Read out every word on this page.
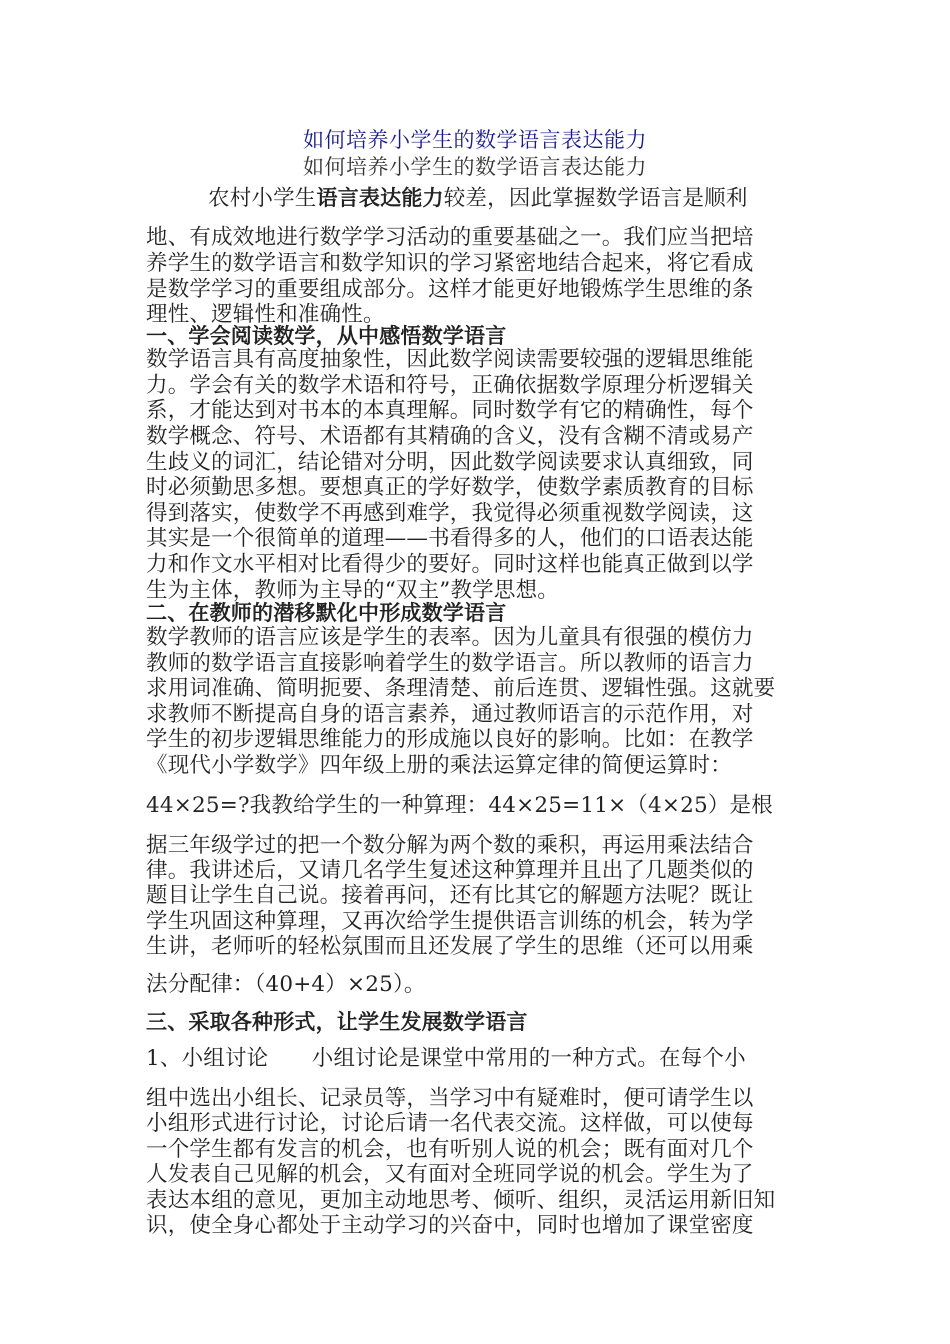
如何培养小学生的数学语言表达能力
如何培养小学生的数学语言表达能力
农村小学生语言表达能力较差，因此掌握数学语言是顺利
地、有成效地进行数学学习活动的重要基础之一。我们应当把培
养学生的数学语言和数学知识的学习紧密地结合起来，将它看成
是数学学习的重要组成部分。这样才能更好地锻炼学生思维的条
理性、逻辑性和准确性。
一、学会阅读数学，从中感悟数学语言
数学语言具有高度抽象性，因此数学阅读需要较强的逻辑思维能
力。学会有关的数学术语和符号，正确依据数学原理分析逻辑关
系，才能达到对书本的本真理解。同时数学有它的精确性，每个
数学概念、符号、术语都有其精确的含义，没有含糊不清或易产
生歧义的词汇，结论错对分明，因此数学阅读要求认真细致，同
时必须勤思多想。要想真正的学好数学，使数学素质教育的目标
得到落实，使数学不再感到难学，我觉得必须重视数学阅读，这
其实是一个很简单的道理——书看得多的人，他们的口语表达能
力和作文水平相对比看得少的要好。同时这样也能真正做到以学
生为主体，教师为主导的“双主”教学思想。
二、在教师的潜移默化中形成数学语言
数学教师的语言应该是学生的表率。因为儿童具有很强的模仿力
教师的数学语言直接影响着学生的数学语言。所以教师的语言力
求用词准确、简明扼要、条理清楚、前后连贯、逻辑性强。这就要
求教师不断提高自身的语言素养，通过教师语言的示范作用，对
学生的初步逻辑思维能力的形成施以良好的影响。比如：在教学
《现代小学数学》四年级上册的乘法运算定律的简便运算时：
44×25=?我教给学生的一种算理：44×25=11×（4×25）是根
据三年级学过的把一个数分解为两个数的乘积，再运用乘法结合
律。我讲述后，又请几名学生复述这种算理并且出了几题类似的
题目让学生自己说。接着再问，还有比其它的解题方法呢？既让
学生巩固这种算理，又再次给学生提供语言训练的机会，转为学
生讲，老师听的轻松氛围而且还发展了学生的思维（还可以用乘
法分配律：（40+4）×25）。
三、采取各种形式，让学生发展数学语言
1、小组讨论　　小组讨论是课堂中常用的一种方式。在每个小
组中选出小组长、记录员等，当学习中有疑难时，便可请学生以
小组形式进行讨论，讨论后请一名代表交流。这样做，可以使每
一个学生都有发言的机会，也有听别人说的机会；既有面对几个
人发表自己见解的机会，又有面对全班同学说的机会。学生为了
表达本组的意见，更加主动地思考、倾听、组织，灵活运用新旧知
识，使全身心都处于主动学习的兴奋中，同时也增加了课堂密度
